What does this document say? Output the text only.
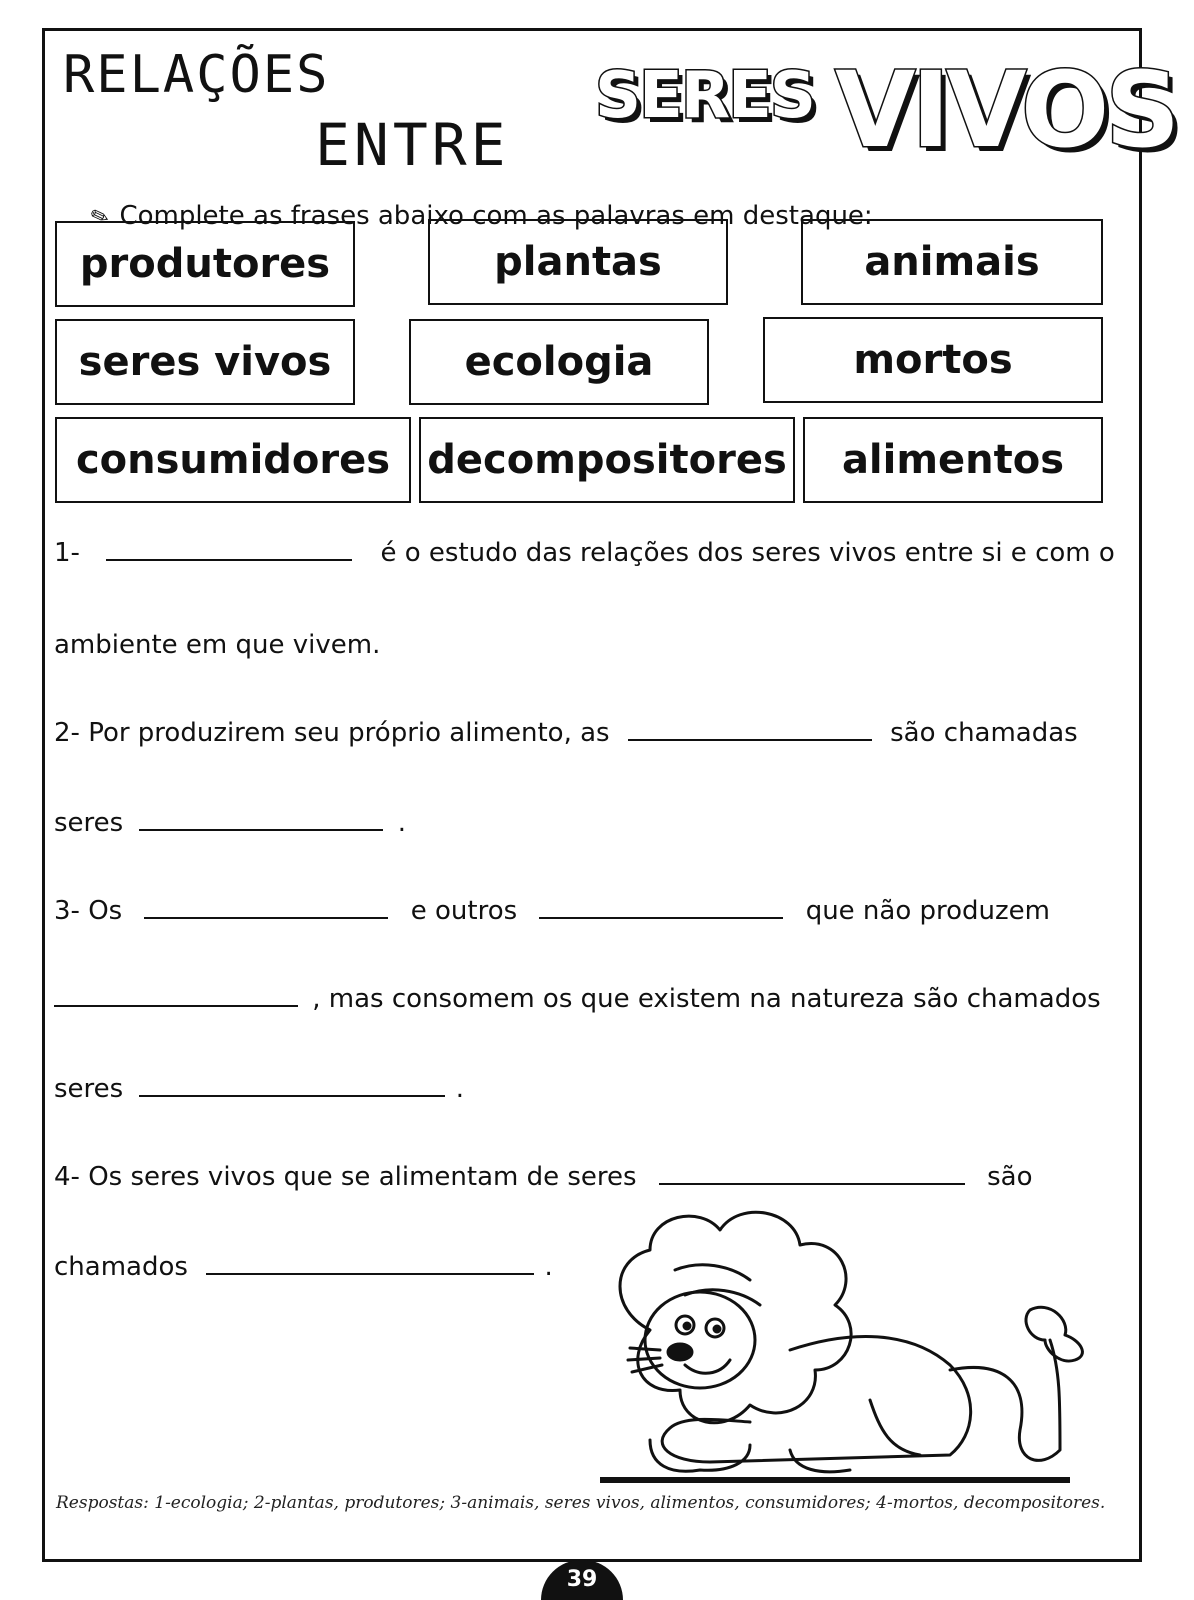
RELAÇÕES
ENTRE
SERES VIVOS
✎ Complete as frases abaixo com as palavras em destaque:
produtores	plantas	animais
seres vivos	ecologia	mortos
consumidores decompositores	alimentos
1-	é o estudo das relações dos seres vivos entre si e com o
ambiente em que vivem.
2- Por produzirem seu próprio alimento, as	são chamadas
seres	.
3- Os	e outros	que não produzem
, mas consomem os que existem na natureza são chamados
seres	.
4- Os seres vivos que se alimentam de seres	são
chamados	.
Respostas: 1-ecologia; 2-plantas, produtores; 3-animais, seres vivos, alimentos, consumidores; 4-mortos, decompositores.
39
